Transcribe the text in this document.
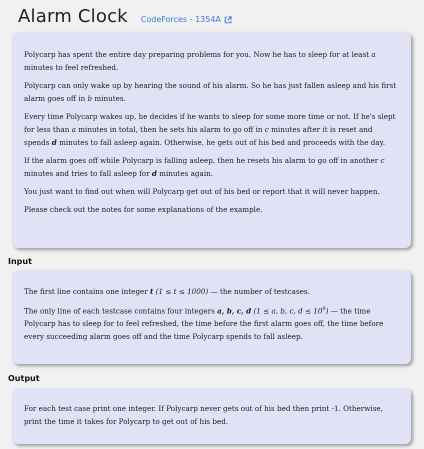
Alarm Clock CodeForces - 1354A

Polycarp has spent the entire day preparing problems for you. Now he has to sleep for at least a minutes to feel refreshed.

Polycarp can only wake up by hearing the sound of his alarm. So he has just fallen asleep and his first alarm goes off in b minutes.

Every time Polycarp wakes up, he decides if he wants to sleep for some more time or not. If he's slept for less than a minutes in total, then he sets his alarm to go off in c minutes after it is reset and spends d minutes to fall asleep again. Otherwise, he gets out of his bed and proceeds with the day.

If the alarm goes off while Polycarp is falling asleep, then he resets his alarm to go off in another c minutes and tries to fall asleep for d minutes again.

You just want to find out when will Polycarp get out of his bed or report that it will never happen.

Please check out the notes for some explanations of the example.

Input

The first line contains one integer t (1 ≤ t ≤ 1000) — the number of testcases.

The only line of each testcase contains four integers a, b, c, d (1 ≤ a, b, c, $d \le 10^9$) — the time Polycarp has to sleep for to feel refreshed, the time before the first alarm goes off, the time before every succeeding alarm goes off and the time Polycarp spends to fall asleep.

Output

For each test case print one integer. If Polycarp never gets out of his bed then print -1. Otherwise, print the time it takes for Polycarp to get out of his bed.
